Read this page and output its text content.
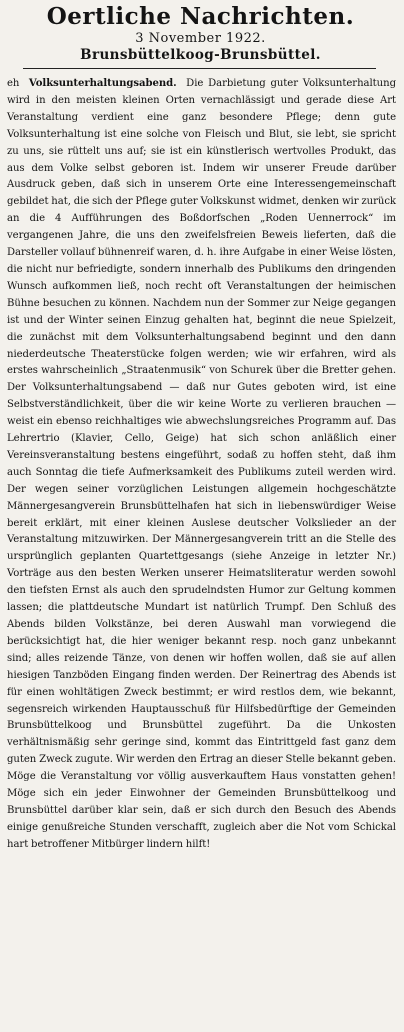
Oertliche Nachrichten.
3 November 1922.
Brunsbüttelkoog-Brunsbüttel.

eh Volksunterhaltungsabend. Die Darbietung guter Volksunterhaltung wird in den meisten kleinen Orten vernachlässigt und gerade diese Art Veranstaltung verdient eine ganz besondere Pflege; denn gute Volksunterhaltung ist eine solche von Fleisch und Blut, sie lebt, sie spricht zu uns, sie rüttelt uns auf; sie ist ein künstlerisch wertvolles Produkt, das aus dem Volke selbst geboren ist. Indem wir unserer Freude darüber Ausdruck geben, daß sich in unserem Orte eine Interessengemeinschaft gebildet hat, die sich der Pflege guter Volkskunst widmet, denken wir zurück an die 4 Aufführungen des Boßdorfschen „Roden Uennerrock“ im vergangenen Jahre, die uns den zweifelsfreien Beweis lieferten, daß die Darsteller vollauf bühnenreif waren, d. h. ihre Aufgabe in einer Weise lösten, die nicht nur befriedigte, sondern innerhalb des Publikums den dringenden Wunsch aufkommen ließ, noch recht oft Veranstaltungen der heimischen Bühne besuchen zu können. Nachdem nun der Sommer zur Neige gegangen ist und der Winter seinen Einzug gehalten hat, beginnt die neue Spielzeit, die zunächst mit dem Volksunterhaltungsabend beginnt und den dann niederdeutsche Theaterstücke folgen werden; wie wir erfahren, wird als erstes wahrscheinlich „Straatenmusik“ von Schurek über die Bretter gehen. Der Volksunterhaltungsabend — daß nur Gutes geboten wird, ist eine Selbstverständlichkeit, über die wir keine Worte zu verlieren brauchen — weist ein ebenso reichhaltiges wie abwechslungsreiches Programm auf. Das Lehrertrio (Klavier, Cello, Geige) hat sich schon anläßlich einer Vereinsveranstaltung bestens eingeführt, sodaß zu hoffen steht, daß ihm auch Sonntag die tiefe Aufmerksamkeit des Publikums zuteil werden wird. Der wegen seiner vorzüglichen Leistungen allgemein hochgeschätzte Männergesangverein Brunsbüttelhafen hat sich in liebenswürdiger Weise bereit erklärt, mit einer kleinen Auslese deutscher Volkslieder an der Veranstaltung mitzuwirken. Der Männergesangverein tritt an die Stelle des ursprünglich geplanten Quartettgesangs (siehe Anzeige in letzter Nr.) Vorträge aus den besten Werken unserer Heimatsliteratur werden sowohl den tiefsten Ernst als auch den sprudelndsten Humor zur Geltung kommen lassen; die plattdeutsche Mundart ist natürlich Trumpf. Den Schluß des Abends bilden Volkstänze, bei deren Auswahl man vorwiegend die berücksichtigt hat, die hier weniger bekannt resp. noch ganz unbekannt sind; alles reizende Tänze, von denen wir hoffen wollen, daß sie auf allen hiesigen Tanzböden Eingang finden werden. Der Reinertrag des Abends ist für einen wohltätigen Zweck bestimmt; er wird restlos dem, wie bekannt, segensreich wirkenden Hauptausschuß für Hilfsbedürftige der Gemeinden Brunsbüttelkoog und Brunsbüttel zugeführt. Da die Unkosten verhältnismäßig sehr geringe sind, kommt das Eintrittgeld fast ganz dem guten Zweck zugute. Wir werden den Ertrag an dieser Stelle bekannt geben. Möge die Veranstaltung vor völlig ausverkauftem Haus vonstatten gehen! Möge sich ein jeder Einwohner der Gemeinden Brunsbüttelkoog und Brunsbüttel darüber klar sein, daß er sich durch den Besuch des Abends einige genußreiche Stunden verschafft, zugleich aber die Not vom Schickal hart betroffener Mitbürger lindern hilft!
